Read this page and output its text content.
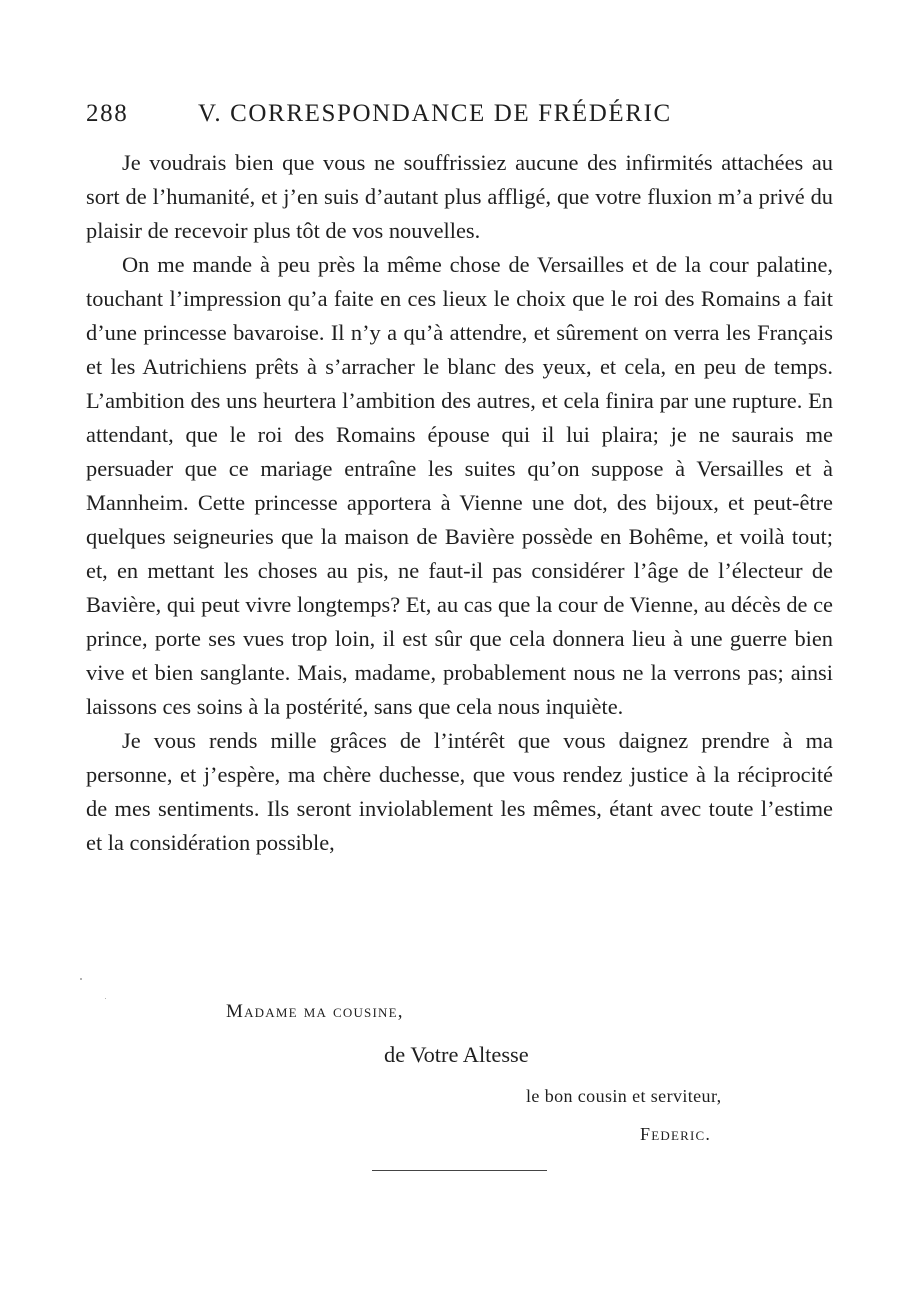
288	V. CORRESPONDANCE DE FRÉDÉRIC

Je voudrais bien que vous ne souffrissiez aucune des infirmités attachées au sort de l’humanité, et j’en suis d’autant plus affligé, que votre fluxion m’a privé du plaisir de recevoir plus tôt de vos nouvelles.

On me mande à peu près la même chose de Versailles et de la cour palatine, touchant l’impression qu’a faite en ces lieux le choix que le roi des Romains a fait d’une princesse bavaroise. Il n’y a qu’à attendre, et sûrement on verra les Français et les Autrichiens prêts à s’arracher le blanc des yeux, et cela, en peu de temps. L’ambition des uns heurtera l’ambition des autres, et cela finira par une rupture. En attendant, que le roi des Romains épouse qui il lui plaira; je ne saurais me persuader que ce mariage entraîne les suites qu’on suppose à Versailles et à Mannheim. Cette princesse apportera à Vienne une dot, des bijoux, et peut-être quelques seigneuries que la maison de Bavière possède en Bohême, et voilà tout; et, en mettant les choses au pis, ne faut-il pas considérer l’âge de l’électeur de Bavière, qui peut vivre longtemps? Et, au cas que la cour de Vienne, au décès de ce prince, porte ses vues trop loin, il est sûr que cela donnera lieu à une guerre bien vive et bien sanglante. Mais, madame, probablement nous ne la verrons pas; ainsi laissons ces soins à la postérité, sans que cela nous inquiète.

Je vous rends mille grâces de l’intérêt que vous daignez prendre à ma personne, et j’espère, ma chère duchesse, que vous rendez justice à la réciprocité de mes sentiments. Ils seront inviolablement les mêmes, étant avec toute l’estime et la considération possible,

Madame ma cousine,
de Votre Altesse
le bon cousin et serviteur,
Federic.
